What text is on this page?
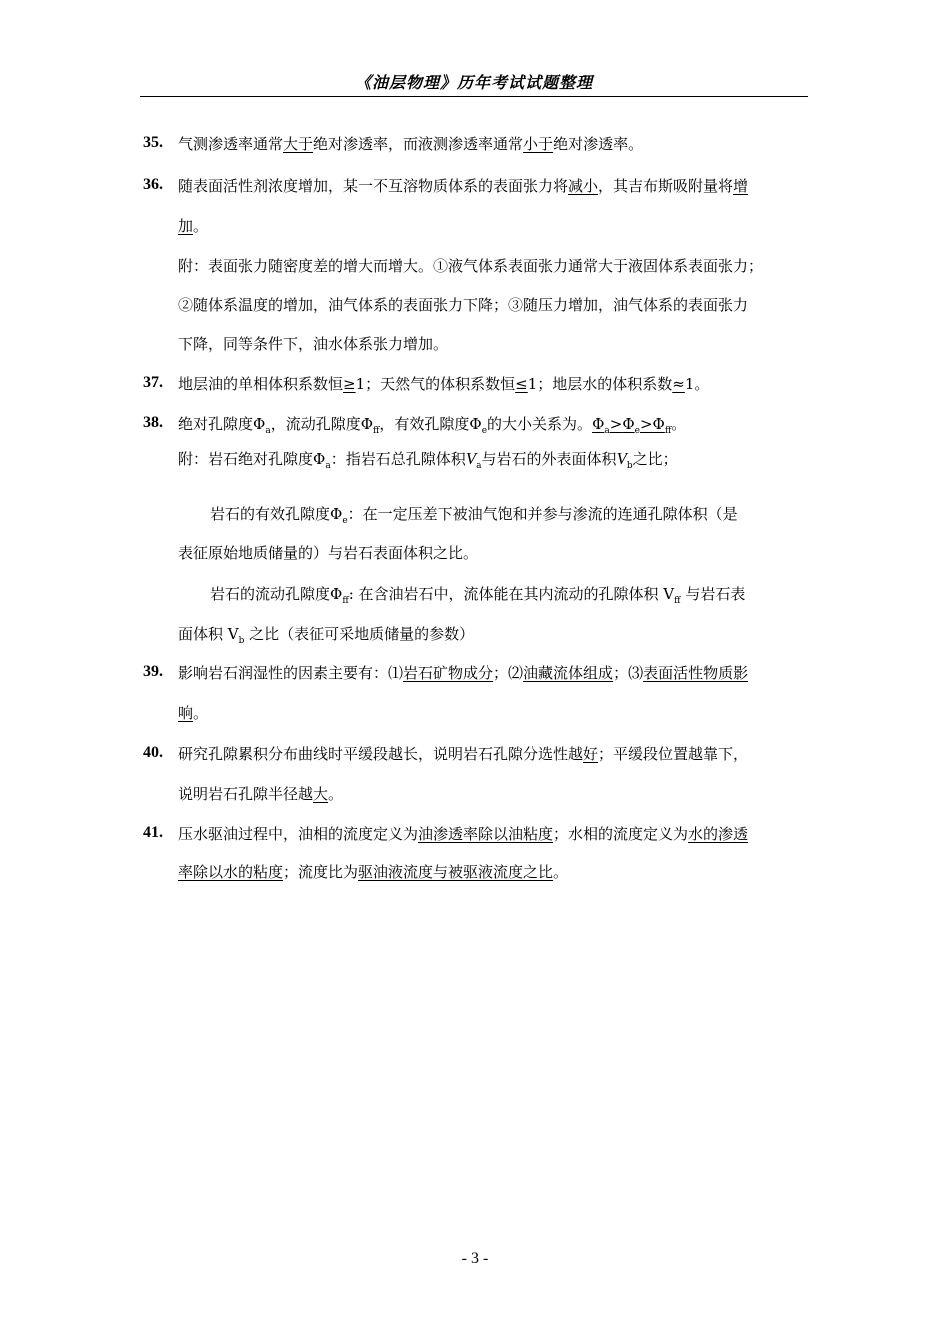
《油层物理》历年考试试题整理
35. 气测渗透率通常大于绝对渗透率，而液测渗透率通常小于绝对渗透率。
36. 随表面活性剂浓度增加，某一不互溶物质体系的表面张力将减小，其吉布斯吸附量将增
加。
附：表面张力随密度差的增大而增大。①液气体系表面张力通常大于液固体系表面张力；
②随体系温度的增加，油气体系的表面张力下降；③随压力增加，油气体系的表面张力
下降，同等条件下，油水体系张力增加。
37. 地层油的单相体积系数恒≥1；天然气的体积系数恒≤1；地层水的体积系数≈1。
38. 绝对孔隙度$\Phi_a$，流动孔隙度$\Phi_{ff}$，有效孔隙度$\Phi_e$的大小关系为。$\Phi_a>\Phi_e>\Phi_{ff}$。
附：岩石绝对孔隙度$\Phi_a$：指岩石总孔隙体积$V_a$与岩石的外表面体积$V_b$之比；
岩石的有效孔隙度$\Phi_e$：在一定压差下被油气饱和并参与渗流的连通孔隙体积（是
表征原始地质储量的）与岩石表面体积之比。
岩石的流动孔隙度$\Phi_{ff}$: 在含油岩石中，流体能在其内流动的孔隙体积 $V_{ff}$ 与岩石表
面体积 $V_b$ 之比（表征可采地质储量的参数）
39. 影响岩石润湿性的因素主要有：⑴岩石矿物成分；⑵油藏流体组成；⑶表面活性物质影
响。
40. 研究孔隙累积分布曲线时平缓段越长，说明岩石孔隙分选性越好；平缓段位置越靠下，
说明岩石孔隙半径越大。
41. 压水驱油过程中，油相的流度定义为油渗透率除以油粘度；水相的流度定义为水的渗透
率除以水的粘度；流度比为驱油液流度与被驱液流度之比。
- 3 -
